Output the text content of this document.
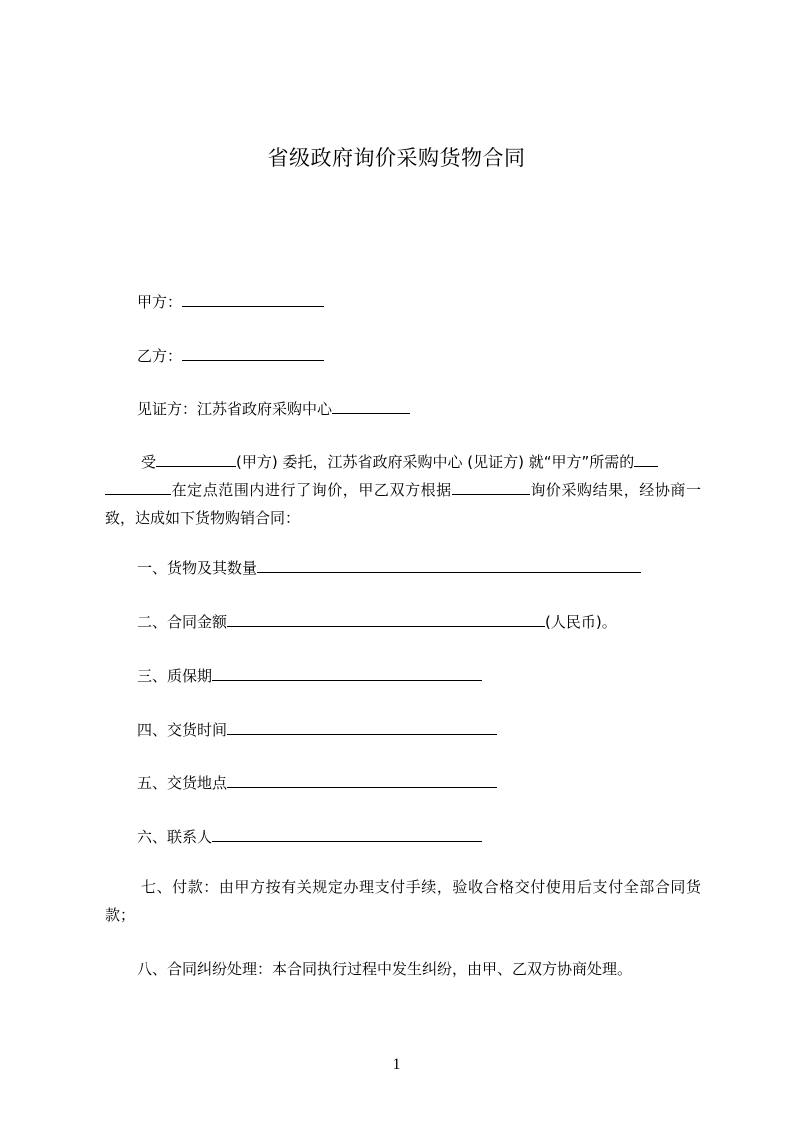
省级政府询价采购货物合同
甲方：
乙方：
见证方：江苏省政府采购中心
受	(甲方) 委托，江苏省政府采购中心 (见证方) 就“甲方”所需的
在定点范围内进行了询价，甲乙双方根据	询价采购结果，经协商一致，达成如下货物购销合同：
一、货物及其数量
二、合同金额	(人民币)。
三、质保期
四、交货时间
五、交货地点
六、联系人
七、付款：由甲方按有关规定办理支付手续，验收合格交付使用后支付全部合同货款；
八、合同纠纷处理：本合同执行过程中发生纠纷，由甲、乙双方协商处理。
1
